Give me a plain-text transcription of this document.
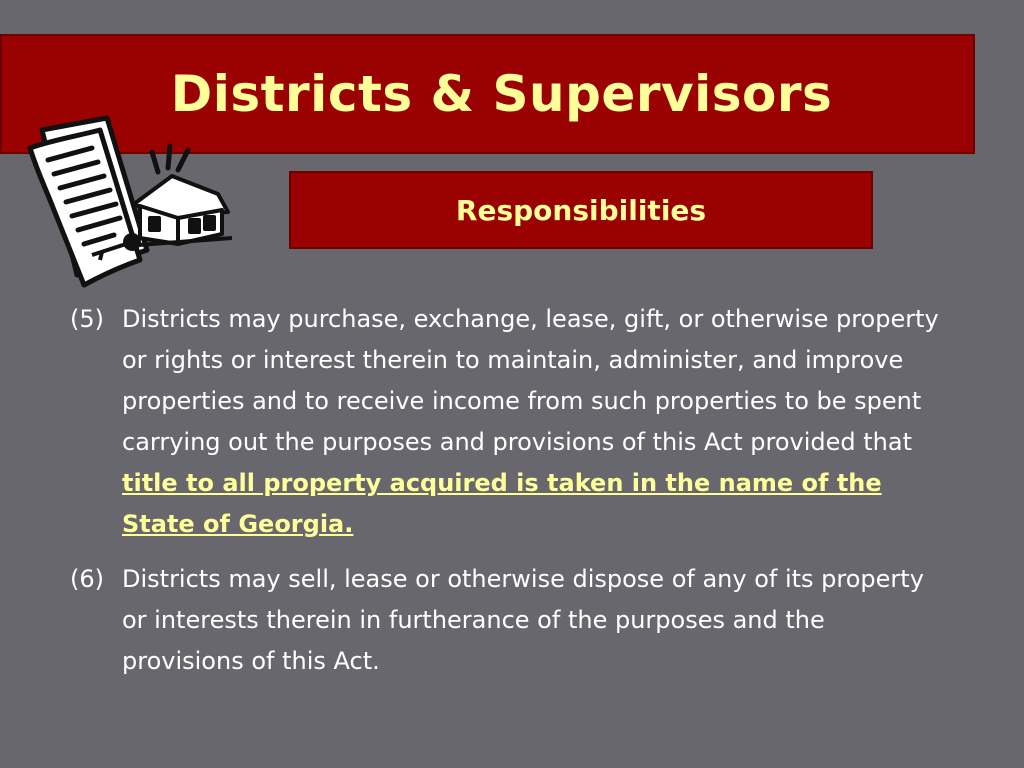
Districts & Supervisors
Responsibilities
(5) Districts may purchase, exchange, lease, gift, or otherwise property or rights or interest therein to maintain, administer, and improve properties and to receive income from such properties to be spent carrying out the purposes and provisions of this Act provided that title to all property acquired is taken in the name of the State of Georgia.
(6) Districts may sell, lease or otherwise dispose of any of its property or interests therein in furtherance of the purposes and the provisions of this Act.
